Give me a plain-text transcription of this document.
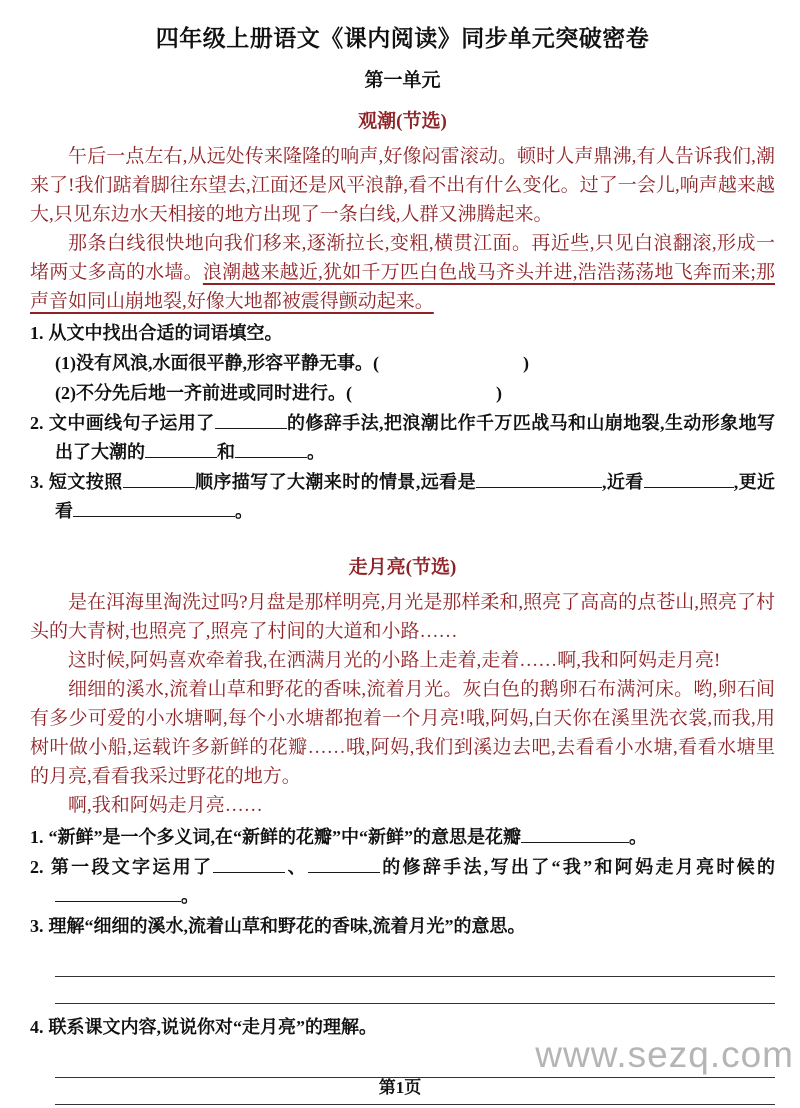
www.sezq.com
四年级上册语文《课内阅读》同步单元突破密卷
第一单元
观潮(节选)

午后一点左右,从远处传来隆隆的响声,好像闷雷滚动。顿时人声鼎沸,有人告诉我们,潮来了!我们踮着脚往东望去,江面还是风平浪静,看不出有什么变化。过了一会儿,响声越来越大,只见东边水天相接的地方出现了一条白线,人群又沸腾起来。

那条白线很快地向我们移来,逐渐拉长,变粗,横贯江面。再近些,只见白浪翻滚,形成一堵两丈多高的水墙。浪潮越来越近,犹如千万匹白色战马齐头并进,浩浩荡荡地飞奔而来;那声音如同山崩地裂,好像大地都被震得颤动起来。

1. 从文中找出合适的词语填空。
(1)没有风浪,水面很平静,形容平静无事。(　　　　　　　　)
(2)不分先后地一齐前进或同时进行。(　　　　　　　　)
2. 文中画线句子运用了	的修辞手法,把浪潮比作千万匹战马和山崩地裂,生动形象地写出了大潮的	和	。
3. 短文按照	顺序描写了大潮来时的情景,远看是	,近看	,更近看	。
走月亮(节选)

是在洱海里淘洗过吗?月盘是那样明亮,月光是那样柔和,照亮了高高的点苍山,照亮了村头的大青树,也照亮了,照亮了村间的大道和小路……

这时候,阿妈喜欢牵着我,在洒满月光的小路上走着,走着……啊,我和阿妈走月亮!

细细的溪水,流着山草和野花的香味,流着月光。灰白色的鹅卵石布满河床。哟,卵石间有多少可爱的小水塘啊,每个小水塘都抱着一个月亮!哦,阿妈,白天你在溪里洗衣裳,而我,用树叶做小船,运载许多新鲜的花瓣……哦,阿妈,我们到溪边去吧,去看看小水塘,看看水塘里的月亮,看看我采过野花的地方。

啊,我和阿妈走月亮……

1. “新鲜”是一个多义词,在“新鲜的花瓣”中“新鲜”的意思是花瓣	。
2. 第一段文字运用了	、	的修辞手法,写出了“我”和阿妈走月亮时候的。
3. 理解“细细的溪水,流着山草和野花的香味,流着月光”的意思。
4. 联系课文内容,说说你对“走月亮”的理解。
第1页
